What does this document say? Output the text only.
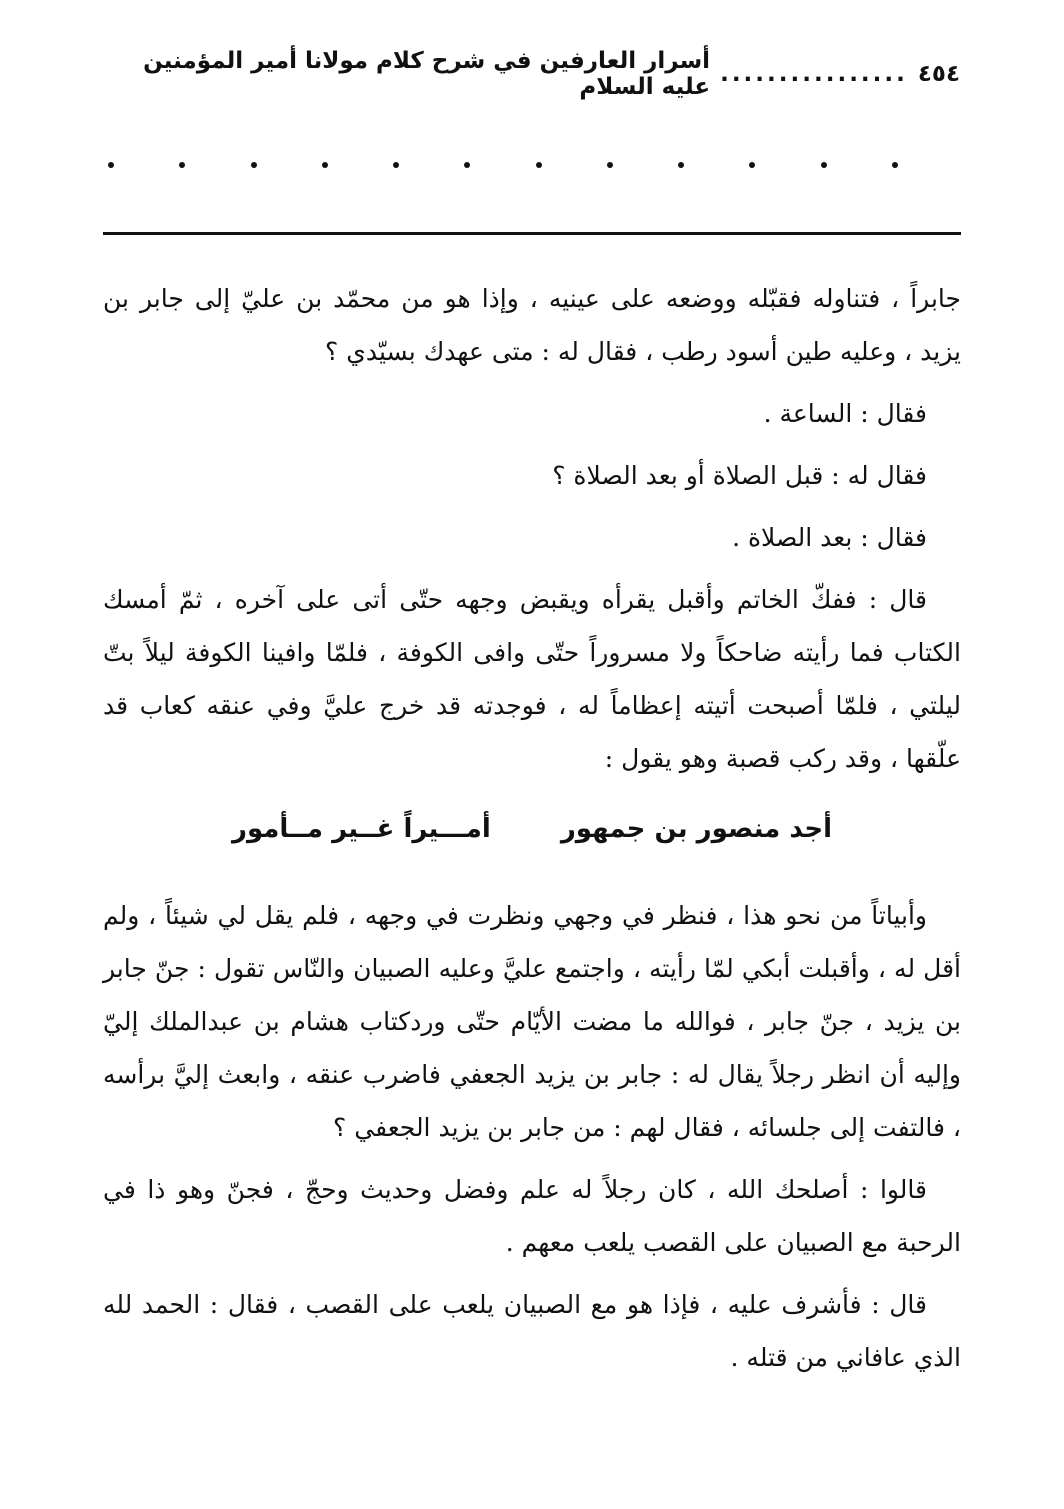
٤٥٤
................
أسرار العارفين في شرح كلام مولانا أمير المؤمنين عليه السلام

جابراً ، فتناوله فقبّله ووضعه على عينيه ، وإذا هو من محمّد بن عليّ إلى جابر بن يزيد ، وعليه طين أسود رطب ، فقال له : متى عهدك بسيّدي ؟

فقال : الساعة .

فقال له : قبل الصلاة أو بعد الصلاة ؟

فقال : بعد الصلاة .

قال : ففكّ الخاتم وأقبل يقرأه ويقبض وجهه حتّى أتى على آخره ، ثمّ أمسك الكتاب فما رأيته ضاحكاً ولا مسروراً حتّى وافى الكوفة ، فلمّا وافينا الكوفة ليلاً بتّ ليلتي ، فلمّا أصبحت أتيته إعظاماً له ، فوجدته قد خرج عليَّ وفي عنقه كعاب قد علّقها ، وقد ركب قصبة وهو يقول :

أجد منصور بن جمهور
أمـــيراً غــير مــأمور

وأبياتاً من نحو هذا ، فنظر في وجهي ونظرت في وجهه ، فلم يقل لي شيئاً ، ولم أقل له ، وأقبلت أبكي لمّا رأيته ، واجتمع عليَّ وعليه الصبيان والنّاس تقول : جنّ جابر بن يزيد ، جنّ جابر ، فوالله ما مضت الأيّام حتّى وردكتاب هشام بن عبدالملك إليّ وإليه أن انظر رجلاً يقال له : جابر بن يزيد الجعفي فاضرب عنقه ، وابعث إليَّ برأسه ، فالتفت إلى جلسائه ، فقال لهم : من جابر بن يزيد الجعفي ؟

قالوا : أصلحك الله ، كان رجلاً له علم وفضل وحديث وحجّ ، فجنّ وهو ذا في الرحبة مع الصبيان على القصب يلعب معهم .

قال : فأشرف عليه ، فإذا هو مع الصبيان يلعب على القصب ، فقال : الحمد لله الذي عافاني من قتله .
